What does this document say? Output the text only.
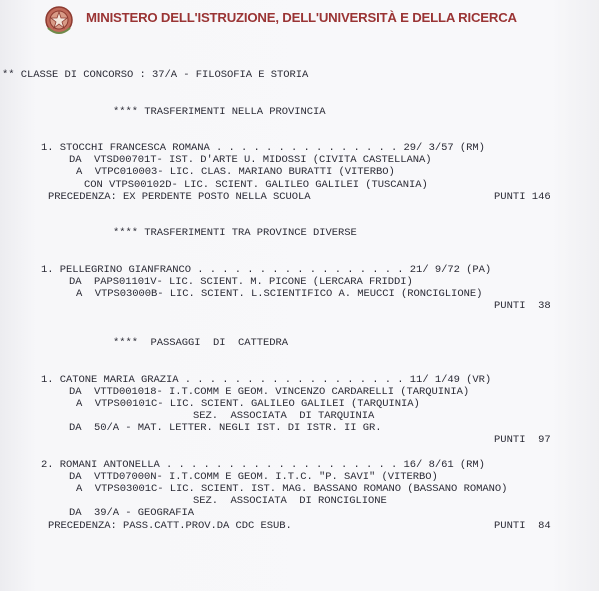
MINISTERO DELL'ISTRUZIONE, DELL'UNIVERSITÀ E DELLA RICERCA
** CLASSE DI CONCORSO : 37/A - FILOSOFIA E STORIA
**** TRASFERIMENTI NELLA PROVINCIA
1. STOCCHI FRANCESCA ROMANA . . . . . . . . . . . . . . . 29/ 3/57 (RM)
DA  VTSD00701T- IST. D'ARTE U. MIDOSSI (CIVITA CASTELLANA)
A  VTPC010003- LIC. CLAS. MARIANO BURATTI (VITERBO)
CON VTPS00102D- LIC. SCIENT. GALILEO GALILEI (TUSCANIA)
PRECEDENZA: EX PERDENTE POSTO NELLA SCUOLA	PUNTI 146
**** TRASFERIMENTI TRA PROVINCE DIVERSE
1. PELLEGRINO GIANFRANCO . . . . . . . . . . . . . . . . . 21/ 9/72 (PA)
DA  PAPS01101V- LIC. SCIENT. M. PICONE (LERCARA FRIDDI)
A  VTPS03000B- LIC. SCIENT. L.SCIENTIFICO A. MEUCCI (RONCIGLIONE)
PUNTI  38
****  PASSAGGI  DI  CATTEDRA
1. CATONE MARIA GRAZIA . . . . . . . . . . . . . . . . . . 11/ 1/49 (VR)
DA  VTTD001018- I.T.COMM E GEOM. VINCENZO CARDARELLI (TARQUINIA)
A  VTPS00101C- LIC. SCIENT. GALILEO GALILEI (TARQUINIA)
SEZ.  ASSOCIATA  DI TARQUINIA
DA  50/A - MAT. LETTER. NEGLI IST. DI ISTR. II GR.
PUNTI  97
2. ROMANI ANTONELLA . . . . . . . . . . . . . . . . . . . 16/ 8/61 (RM)
DA  VTTD07000N- I.T.COMM E GEOM. I.T.C. "P. SAVI" (VITERBO)
A  VTPS03001C- LIC. SCIENT. IST. MAG. BASSANO ROMANO (BASSANO ROMANO)
SEZ.  ASSOCIATA  DI RONCIGLIONE
DA  39/A - GEOGRAFIA
PRECEDENZA: PASS.CATT.PROV.DA CDC ESUB.	PUNTI  84
